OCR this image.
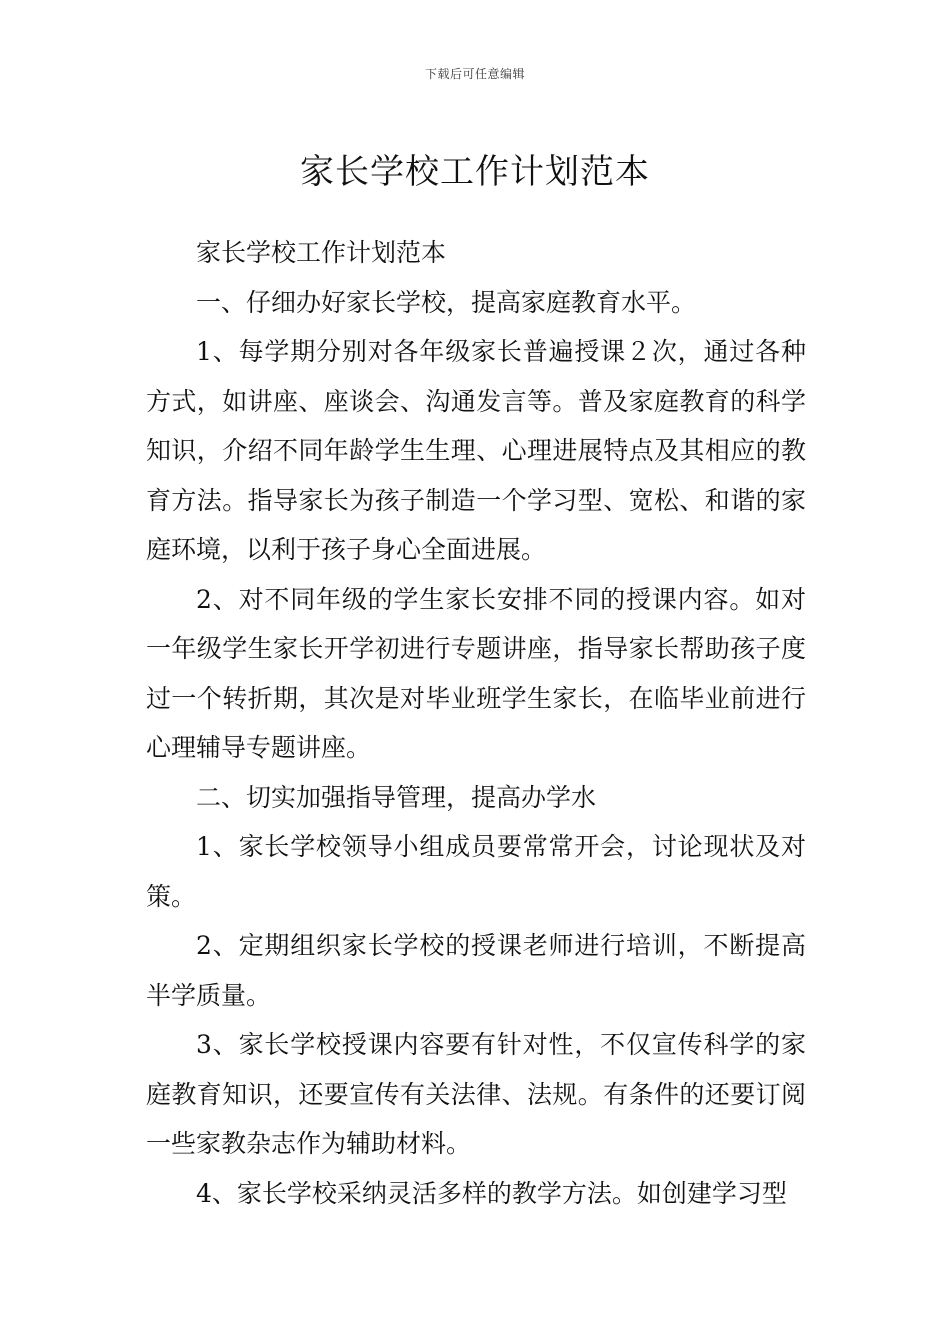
下载后可任意编辑
家长学校工作计划范本

家长学校工作计划范本

一、仔细办好家长学校，提高家庭教育水平。

1、每学期分别对各年级家长普遍授课２次，通过各种方式，如讲座、座谈会、沟通发言等。普及家庭教育的科学知识，介绍不同年龄学生生理、心理进展特点及其相应的教育方法。指导家长为孩子制造一个学习型、宽松、和谐的家庭环境，以利于孩子身心全面进展。

2、对不同年级的学生家长安排不同的授课内容。如对一年级学生家长开学初进行专题讲座，指导家长帮助孩子度过一个转折期，其次是对毕业班学生家长，在临毕业前进行心理辅导专题讲座。

二、切实加强指导管理，提高办学水

1、家长学校领导小组成员要常常开会，讨论现状及对策。

2、定期组织家长学校的授课老师进行培训，不断提高半学质量。

3、家长学校授课内容要有针对性，不仅宣传科学的家庭教育知识，还要宣传有关法律、法规。有条件的还要订阅一些家教杂志作为辅助材料。

4、家长学校采纳灵活多样的教学方法。如创建学习型
